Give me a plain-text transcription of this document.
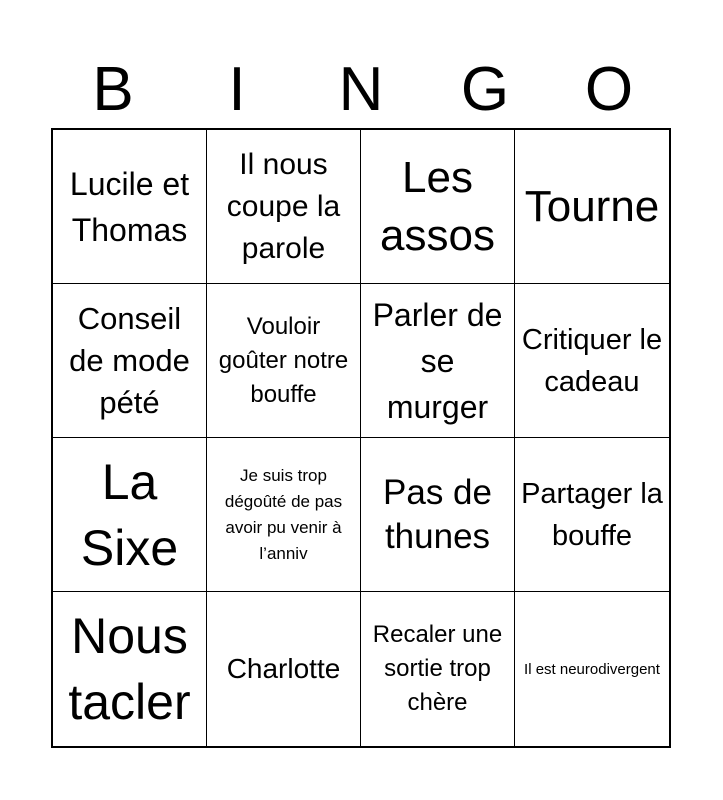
B	I	N	G	O
Lucile et Thomas
Il nous coupe la parole
Les assos
Tourne
Conseil de mode pété
Vouloir goûter notre bouffe
Parler de se murger
Critiquer le cadeau
La Sixe
Je suis trop dégoûté de pas avoir pu venir à l’anniv
Pas de thunes
Partager la bouffe
Nous tacler
Charlotte
Recaler une sortie trop chère
Il est neurodivergent
